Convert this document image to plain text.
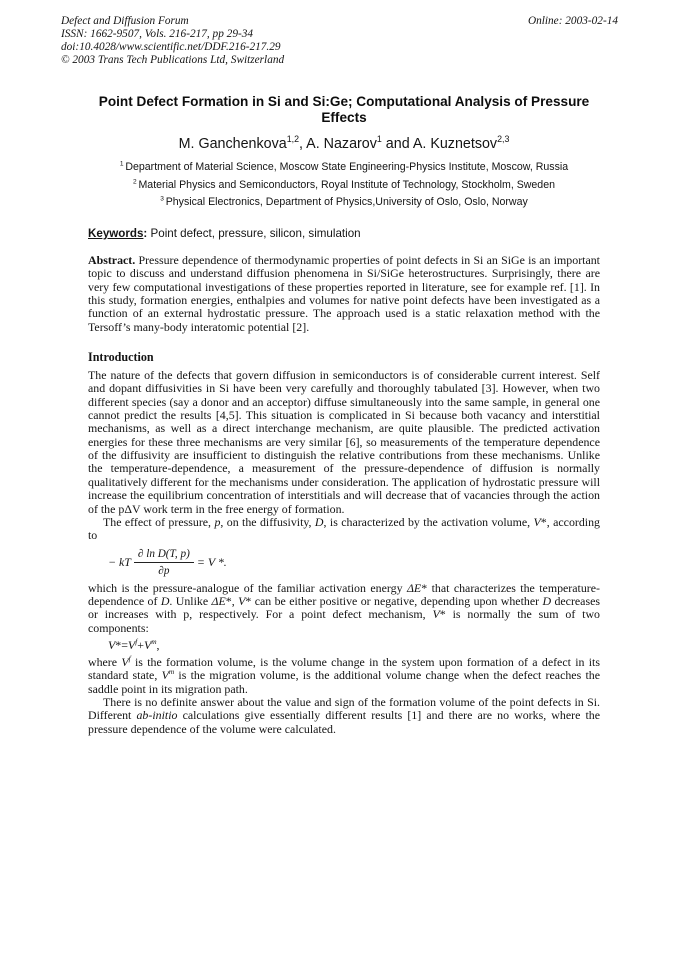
Defect and Diffusion Forum
ISSN: 1662-9507, Vols. 216-217, pp 29-34
doi:10.4028/www.scientific.net/DDF.216-217.29
© 2003 Trans Tech Publications Ltd, Switzerland
Online: 2003-02-14
Point Defect Formation in Si and Si:Ge; Computational Analysis of Pressure Effects
M. Ganchenkova$^{1,2}$, A. Nazarov$^1$ and A. Kuznetsov$^{2,3}$
$^1$ Department of Material Science, Moscow State Engineering-Physics Institute, Moscow, Russia
$^2$ Material Physics and Semiconductors, Royal Institute of Technology, Stockholm, Sweden
$^3$ Physical Electronics, Department of Physics,University of Oslo, Oslo, Norway
Keywords: Point defect, pressure, silicon, simulation

Abstract. Pressure dependence of thermodynamic properties of point defects in Si an SiGe is an important topic to discuss and understand diffusion phenomena in Si/SiGe heterostructures. Surprisingly, there are very few computational investigations of these properties reported in literature, see for example ref. [1]. In this study, formation energies, enthalpies and volumes for native point defects have been investigated as a function of an external hydrostatic pressure. The approach used is a static relaxation method with the Tersoff’s many-body interatomic potential [2].

Introduction

The nature of the defects that govern diffusion in semiconductors is of considerable current interest. Self and dopant diffusivities in Si have been very carefully and thoroughly tabulated [3]. However, when two different species (say a donor and an acceptor) diffuse simultaneously into the same sample, in general one cannot predict the results [4,5]. This situation is complicated in Si because both vacancy and interstitial mechanisms, as well as a direct interchange mechanism, are quite plausible. The predicted activation energies for these three mechanisms are very similar [6], so measurements of the temperature dependence of the diffusivity are insufficient to distinguish the relative contributions from these mechanisms. Unlike the temperature-dependence, a measurement of the pressure-dependence of diffusion is normally qualitatively different for the mechanisms under consideration. The application of hydrostatic pressure will increase the equilibrium concentration of interstitials and will decrease that of vacancies through the action of the pΔV work term in the free energy of formation.

The effect of pressure, p, on the diffusivity, D, is characterized by the activation volume, V*, according to

− kT $\frac{\text{∂ ln D(T, p)}}{\partial p} = V$ *.

which is the pressure-analogue of the familiar activation energy ΔE* that characterizes the temperature-dependence of D. Unlike ΔE*, V* can be either positive or negative, depending upon whether D decreases or increases with p, respectively. For a point defect mechanism, V* is normally the sum of two components:

$V*=V^f+V^m$,

where $V^f$ is the formation volume, is the volume change in the system upon formation of a defect in its standard state, $V^m$ is the migration volume, is the additional volume change when the defect reaches the saddle point in its migration path.

There is no definite answer about the value and sign of the formation volume of the point defects in Si. Different ab-initio calculations give essentially different results [1] and there are no works, where the pressure dependence of the volume were calculated.
